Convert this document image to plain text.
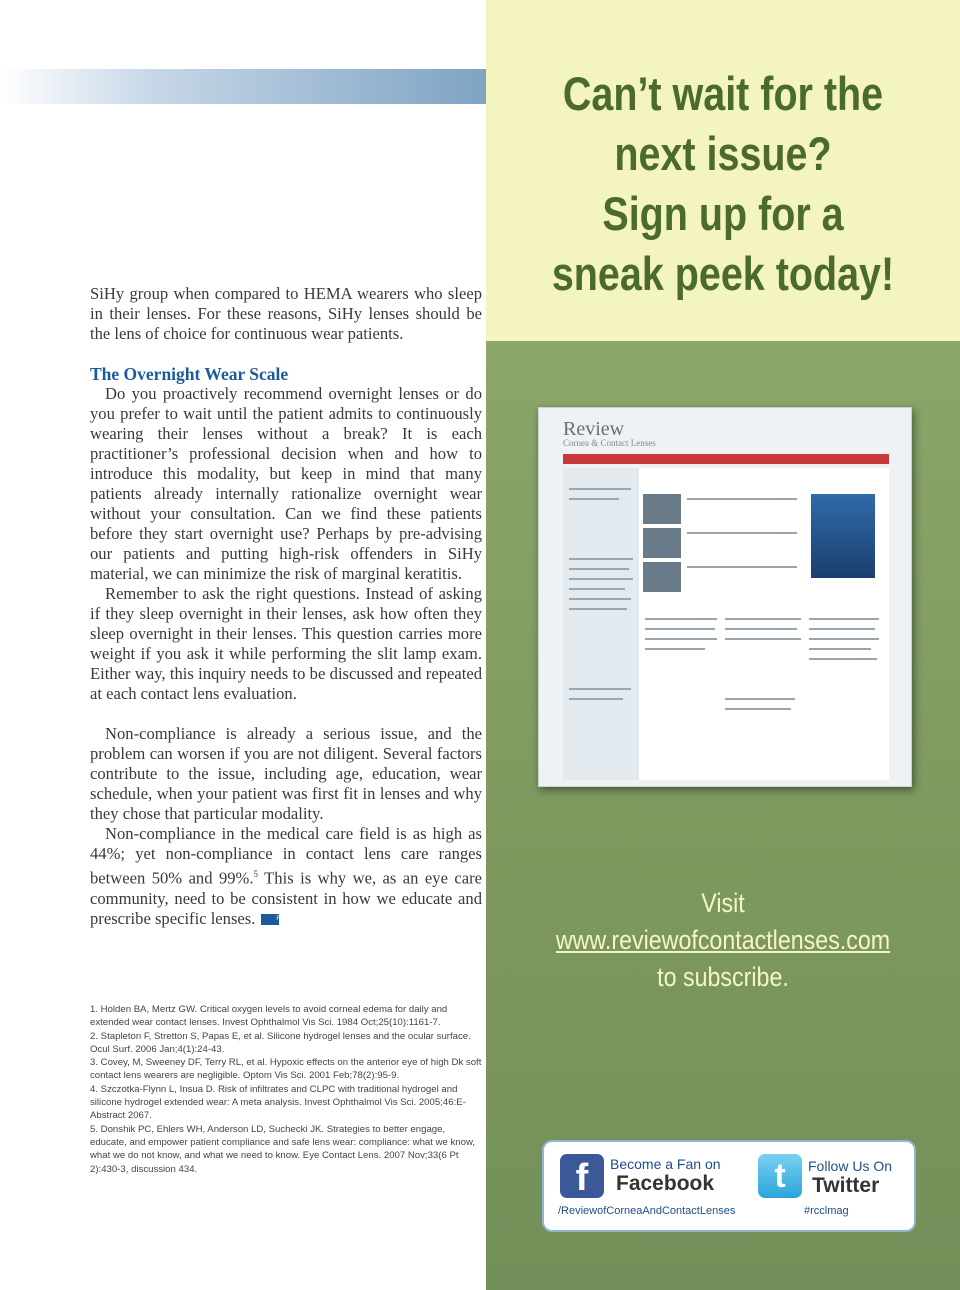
SiHy group when compared to HEMA wearers who sleep in their lenses. For these reasons, SiHy lenses should be the lens of choice for continuous wear patients.

The Overnight Wear Scale

Do you proactively recommend overnight lenses or do you prefer to wait until the patient admits to continuously wearing their lenses without a break? It is each practitioner’s professional decision when and how to introduce this modality, but keep in mind that many patients already internally rationalize overnight wear without your consultation. Can we find these patients before they start overnight use? Perhaps by pre-advising our patients and putting high-risk offenders in SiHy material, we can minimize the risk of marginal keratitis.

Remember to ask the right questions. Instead of asking if they sleep overnight in their lenses, ask how often they sleep overnight in their lenses. This question carries more weight if you ask it while performing the slit lamp exam. Either way, this inquiry needs to be discussed and repeated at each contact lens evaluation.

Non-compliance is already a serious issue, and the problem can worsen if you are not diligent. Several factors contribute to the issue, including age, education, wear schedule, when your patient was first fit in lenses and why they chose that particular modality.

Non-compliance in the medical care field is as high as 44%; yet non-compliance in contact lens care ranges between 50% and 99%.$^5$ This is why we, as an eye care community, need to be consistent in how we educate and prescribe specific lenses.	RCCL

1. Holden BA, Mertz GW. Critical oxygen levels to avoid corneal edema for daily and extended wear contact lenses. Invest Ophthalmol Vis Sci. 1984 Oct;25(10):1161-7.
2. Stapleton F, Stretton S, Papas E, et al. Silicone hydrogel lenses and the ocular surface. Ocul Surf. 2006 Jan;4(1):24-43.
3. Covey, M, Sweeney DF, Terry RL, et al. Hypoxic effects on the anterior eye of high Dk soft contact lens wearers are negligible. Optom Vis Sci. 2001 Feb;78(2):95-9.
4. Szczotka-Flynn L, Insua D. Risk of infiltrates and CLPC with traditional hydrogel and silicone hydrogel extended wear: A meta analysis. Invest Ophthalmol Vis Sci. 2005;46:E-Abstract 2067.
5. Donshik PC, Ehlers WH, Anderson LD, Suchecki JK. Strategies to better engage, educate, and empower patient compliance and safe lens wear: compliance: what we know, what we do not know, and what we need to know. Eye Contact Lens. 2007 Nov;33(6 Pt 2):430-3, discussion 434.
Can’t wait for the
next issue?
Sign up for a
sneak peek today!
Review
Cornea & Contact Lenses
Visit
www.reviewofcontactlenses.com
to subscribe.
f	Become a Fan on
Facebook
/ReviewofCorneaAndContactLenses
t	Follow Us On
Twitter
#rcclmag
